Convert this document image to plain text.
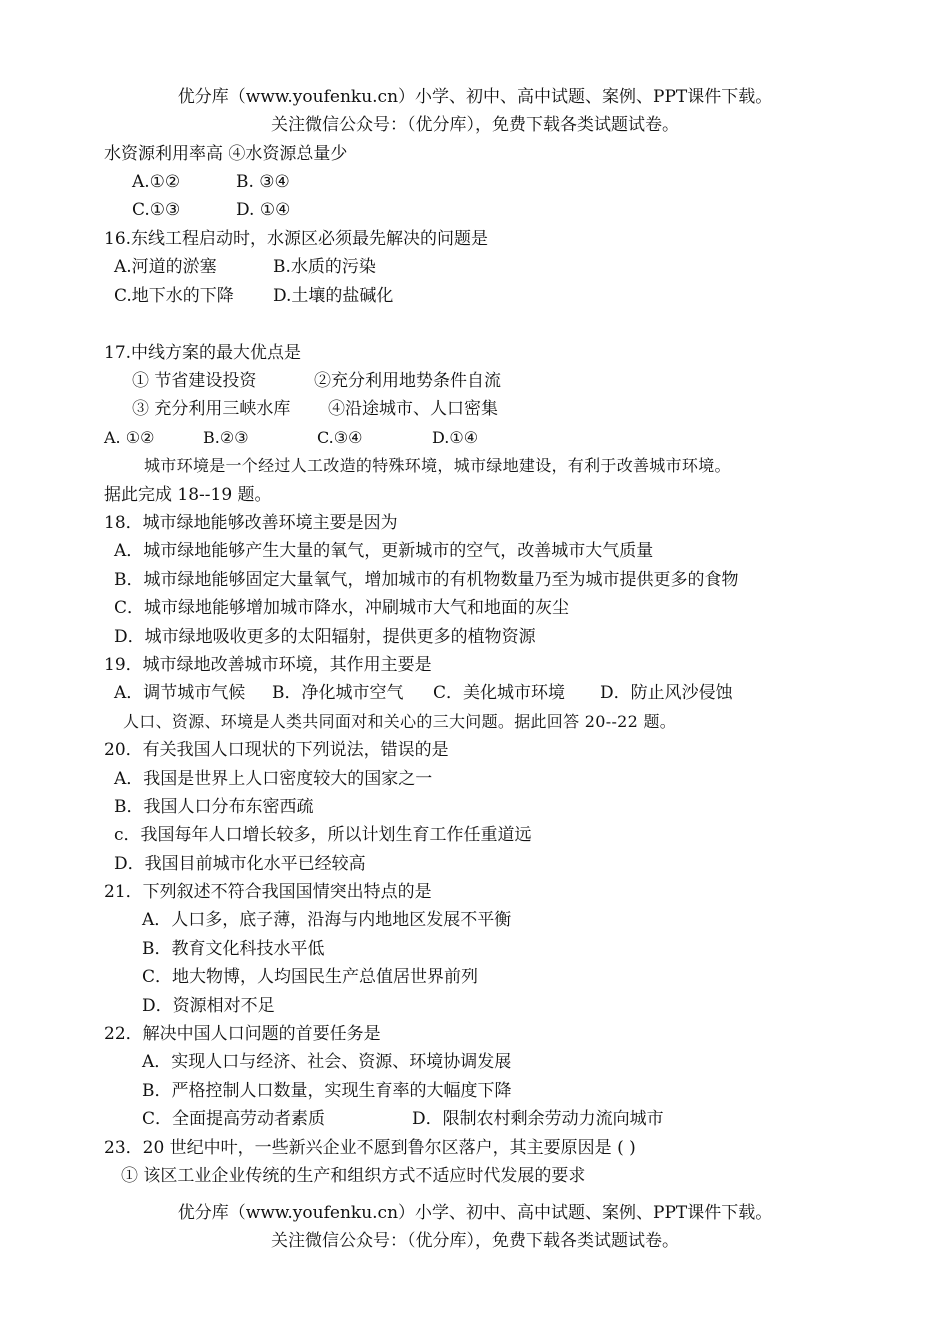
优分库（www.youfenku.cn）小学、初中、高中试题、案例、PPT课件下载。
关注微信公众号：（优分库），免费下载各类试题试卷。
水资源利用率高 ④水资源总量少
A.①②	B. ③④
C.①③	D. ①④
16.东线工程启动时，水源区必须最先解决的问题是
A.河道的淤塞	B.水质的污染
C.地下水的下降 D.土壤的盐碱化
17.中线方案的最大优点是
① 节省建设投资	②充分利用地势条件自流
③ 充分利用三峡水库 ④沿途城市、人口密集
A. ①②	B.②③	C.③④	D.①④
城市环境是一个经过人工改造的特殊环境，城市绿地建设，有利于改善城市环境。
据此完成 18--19 题。
18．城市绿地能够改善环境主要是因为
A．城市绿地能够产生大量的氧气，更新城市的空气，改善城市大气质量
B．城市绿地能够固定大量氧气，增加城市的有机物数量乃至为城市提供更多的食物
C．城市绿地能够增加城市降水，冲刷城市大气和地面的灰尘
D．城市绿地吸收更多的太阳辐射，提供更多的植物资源
19．城市绿地改善城市环境，其作用主要是
A．调节城市气候 B．净化城市空气 C．美化城市环境 D．防止风沙侵蚀
人口、资源、环境是人类共同面对和关心的三大问题。据此回答 20--22 题。
20．有关我国人口现状的下列说法，错误的是
A．我国是世界上人口密度较大的国家之一
B．我国人口分布东密西疏
c．我国每年人口增长较多，所以计划生育工作任重道远
D．我国目前城市化水平已经较高
21．下列叙述不符合我国国情突出特点的是
A．人口多，底子薄，沿海与内地地区发展不平衡
B．教育文化科技水平低
C．地大物博，人均国民生产总值居世界前列
D．资源相对不足
22．解决中国人口问题的首要任务是
A．实现人口与经济、社会、资源、环境协调发展
B．严格控制人口数量，实现生育率的大幅度下降
C．全面提高劳动者素质	D．限制农村剩余劳动力流向城市
23．20 世纪中叶，一些新兴企业不愿到鲁尔区落户，其主要原因是 ( )
① 该区工业企业传统的生产和组织方式不适应时代发展的要求
优分库（www.youfenku.cn）小学、初中、高中试题、案例、PPT课件下载。
关注微信公众号：（优分库），免费下载各类试题试卷。
